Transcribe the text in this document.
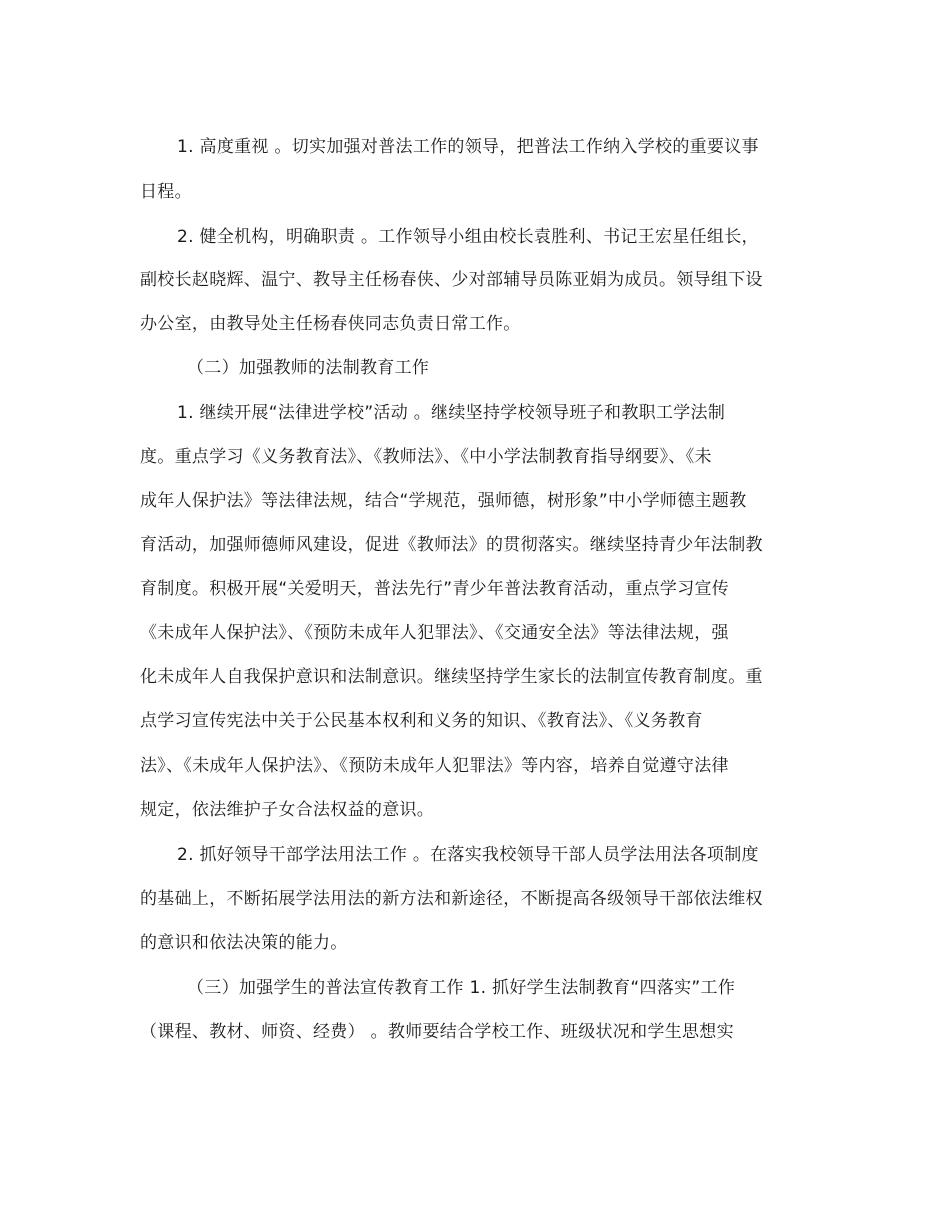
1. 高度重视 。切实加强对普法工作的领导，把普法工作纳入学校的重要议事
日程。
2. 健全机构，明确职责 。工作领导小组由校长袁胜利、书记王宏星任组长，
副校长赵晓辉、温宁、教导主任杨春侠、少对部辅导员陈亚娟为成员。领导组下设
办公室，由教导处主任杨春侠同志负责日常工作。
（二）加强教师的法制教育工作
1. 继续开展“法律进学校”活动 。继续坚持学校领导班子和教职工学法制
度。重点学习《义务教育法》、《教师法》、《中小学法制教育指导纲要》、《未
成年人保护法》等法律法规，结合“学规范，强师德，树形象”中小学师德主题教
育活动，加强师德师风建设，促进《教师法》的贯彻落实。继续坚持青少年法制教
育制度。积极开展“关爱明天，普法先行”青少年普法教育活动，重点学习宣传
《未成年人保护法》、《预防未成年人犯罪法》、《交通安全法》等法律法规，强
化未成年人自我保护意识和法制意识。继续坚持学生家长的法制宣传教育制度。重
点学习宣传宪法中关于公民基本权利和义务的知识、《教育法》、《义务教育
法》、《未成年人保护法》、《预防未成年人犯罪法》等内容，培养自觉遵守法律
规定，依法维护子女合法权益的意识。
2. 抓好领导干部学法用法工作 。在落实我校领导干部人员学法用法各项制度
的基础上，不断拓展学法用法的新方法和新途径，不断提高各级领导干部依法维权
的意识和依法决策的能力。
（三）加强学生的普法宣传教育工作 1. 抓好学生法制教育“四落实”工作
（课程、教材、师资、经费） 。教师要结合学校工作、班级状况和学生思想实
